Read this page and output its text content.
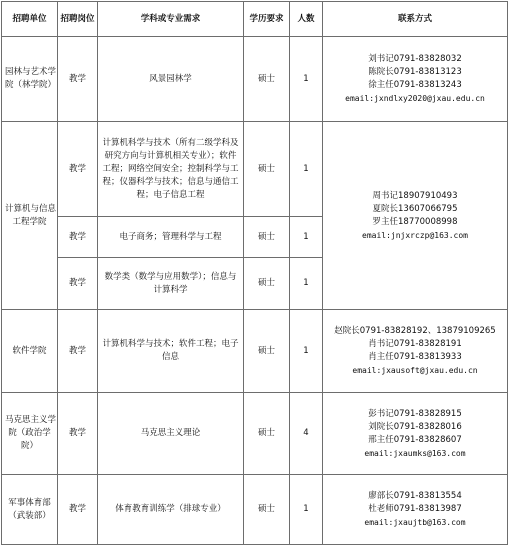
招聘单位	招聘岗位	学科或专业需求	学历要求	人数	联系方式

园林与艺术学
院（林学院）	教学	风景园林学	硕士	1	刘书记0791-83828032
陈院长0791-83813123
徐主任0791-83813243
email:jxndlxy2020@jxau.edu.cn

计算机与信息
工程学院	教学	计算机科学与技术（所有二级学科及
研究方向与计算机相关专业）；软件
工程；网络空间安全；控制科学与工
程；仪器科学与技术；信息与通信工
程；电子信息工程	硕士	1	周书记18907910493
夏院长13607066795
罗主任18770008998
email:jnjxrczp@163.com

	教学	电子商务；管理科学与工程	硕士	1	
	教学	数学类（数学与应用数学）；信息与
计算科学	硕士	1	

软件学院	教学	计算机科学与技术；软件工程；电子
信息	硕士	1	赵院长0791-83828192、13879109265
肖书记0791-83828191
肖主任0791-83813933
email:jxausoft@jxau.edu.cn

马克思主义学
院（政治学
院）	教学	马克思主义理论	硕士	4	彭书记0791-83828915
刘院长0791-83828016
邢主任0791-83828607
email:jxaumks@163.com

军事体育部
（武装部）	教学	体育教育训练学（排球专业）	硕士	1	廖部长0791-83813554
杜老师0791-83813987
email:jxaujtb@163.com
